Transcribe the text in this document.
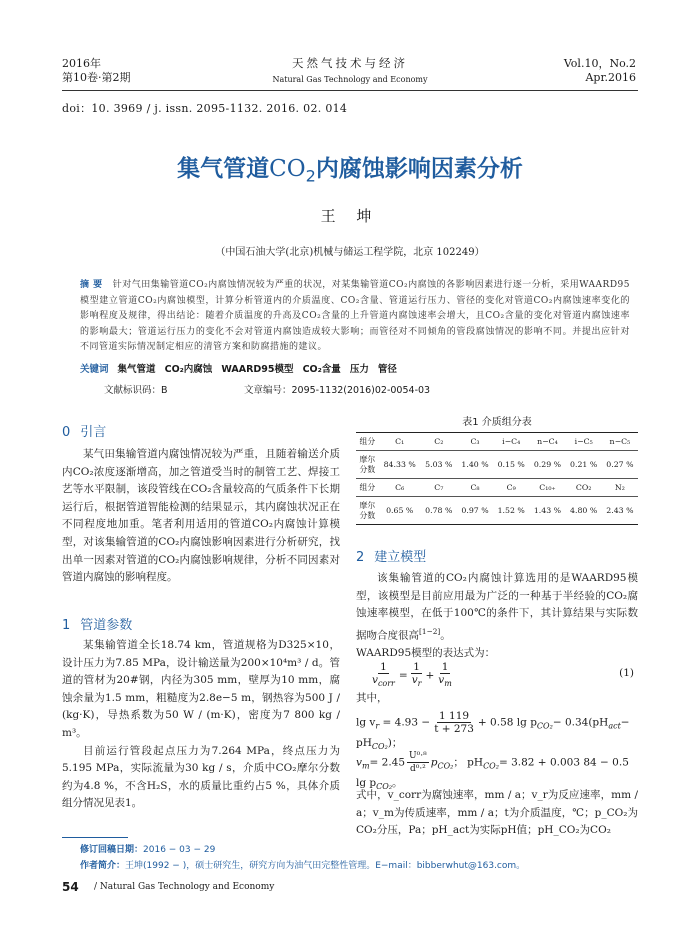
2016年
第10卷·第2期
天然气技术与经济
Natural Gas Technology and Economy
Vol.10，No.2
Apr.2016
doi：10. 3969 / j. issn. 2095-1132. 2016. 02. 014
集气管道$CO_2$内腐蚀影响因素分析
王 坤
（中国石油大学(北京)机械与储运工程学院，北京 102249）
摘 要 针对气田集输管道CO₂内腐蚀情况较为严重的状况，对某集输管道CO₂内腐蚀的各影响因素进行逐一分析，采用WAARD95模型建立管道CO₂内腐蚀模型，计算分析管道内的介质温度、CO₂含量、管道运行压力、管径的变化对管道CO₂内腐蚀速率变化的影响程度及规律，得出结论：随着介质温度的升高及CO₂含量的上升管道内腐蚀速率会增大，且CO₂含量的变化对管道内腐蚀速率的影响最大；管道运行压力的变化不会对管道内腐蚀造成较大影响；而管径对不同倾角的管段腐蚀情况的影响不同。并提出应针对不同管道实际情况制定相应的清管方案和防腐措施的建议。
关键词 集气管道 CO₂内腐蚀 WAARD95模型 CO₂含量 压力 管径
文献标识码：B	文章编号：2095-1132(2016)02-0054-03
0 引言

某气田集输管道内腐蚀情况较为严重，且随着输送介质内CO₂浓度逐渐增高，加之管道受当时的制管工艺、焊接工艺等水平限制，该段管线在CO₂含量较高的气质条件下长期运行后，根据管道智能检测的结果显示，其内腐蚀状况正在不同程度地加重。笔者利用适用的管道CO₂内腐蚀计算模型，对该集输管道的CO₂内腐蚀影响因素进行分析研究，找出单一因素对管道的CO₂内腐蚀影响规律，分析不同因素对管道内腐蚀的影响程度。

1 管道参数

某集输管道全长18.74 km，管道规格为D325×10，设计压力为7.85 MPa，设计输送量为200×10⁴m³ / d。管道的管材为20#钢，内径为305 mm，壁厚为10 mm，腐蚀余量为1.5 mm，粗糙度为2.8e−5 m，钢热容为500 J / (kg·K)，导热系数为50 W / (m·K)，密度为7 800 kg / m³。

目前运行管段起点压力为7.264 MPa，终点压力为5.195 MPa，实际流量为30 kg / s，介质中CO₂摩尔分数约为4.8 %，不含H₂S，水的质量比重约占5 %，具体介质组分情况见表1。

表1 介质组分表
组分	C₁	C₂	C₃	i−C₄	n−C₄	i−C₅	n−C₅
摩尔
分数	84.33 %	5.03 %	1.40 %	0.15 %	0.29 %	0.21 %	0.27 %
组分	C₆	C₇	C₈	C₉	C₁₀₊	CO₂	N₂
摩尔
分数	0.65 %	0.78 %	0.97 %	1.52 %	1.43 %	4.80 %	2.43 %
2 建立模型

该集输管道的CO₂内腐蚀计算选用的是WAARD95模型，该模型是目前应用最为广泛的一种基于半经验的CO₂腐蚀速率模型，在低于100℃的条件下，其计算结果与实际数据吻合度很高[1−2]。

WAARD95模型的表达式为：
$\frac{1}{v_{corr}} = \frac{1}{v_r} + \frac{1}{v_m}$	(1)
其中，
$\lg v_r = 4.93 - \frac{1 119}{t + 273} + 0.58$ $\lg p_{CO_2}- 0.34(pH_{act}- pH_{CO_2})$；
$v_m= 2.45 \frac{\text{U⁰·⁸}}{\text{d⁰·²}} p_{CO_2}$； $pH_{CO_2}= 3.82 + 0.003$ 84 − 0.5 $\lg p_{CO_2}$。
式中，v_corr为腐蚀速率，mm / a；v_r为反应速率，mm / a；v_m为传质速率，mm / a；t为介质温度，℃；p_CO₂为CO₂分压，Pa；pH_act为实际pH值；pH_CO₂为CO₂
修订回稿日期：2016 − 03 − 29
作者简介：王坤(1992 − )，硕士研究生，研究方向为油气田完整性管理。E−mail：bibberwhut@163.com。
54 / Natural Gas Technology and Economy
